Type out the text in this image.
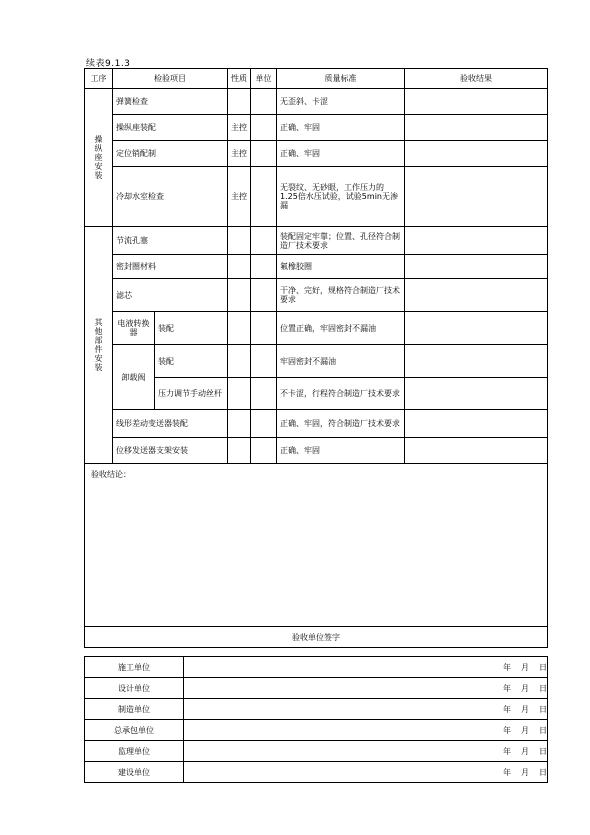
续表9.1.3
工序	检验项目		性质	单位	质量标准	验收结果

操纵座安装	弹簧检查				无歪斜、卡涩	
	操纵座装配		主控		正确、牢固	
	定位销配制		主控		正确、牢固	
	冷却水室检查		主控		无裂纹、无砂眼，工作压力的1.25倍水压试验，试验5min无渗漏	

其他部件安装	节流孔塞				装配固定牢靠；位置、孔径符合制造厂技术要求	
	密封圈材料				氟橡胶圈	
	滤芯				干净、完好，规格符合制造厂技术要求	

	电液转换器	装配			位置正确，牢固密封不漏油	
	卸载阀	装配			牢固密封不漏油	
		压力调节手动丝杆			不卡涩，行程符合制造厂技术要求	
	线形差动变送器装配				正确、牢固，符合制造厂技术要求	
	位移发送器支架安装				正确、牢固	
验收结论：						
验收单位签字						
施工单位	年 月 日
设计单位	年 月 日
制造单位	年 月 日
总承包单位	年 月 日
监理单位	年 月 日
建设单位	年 月 日
